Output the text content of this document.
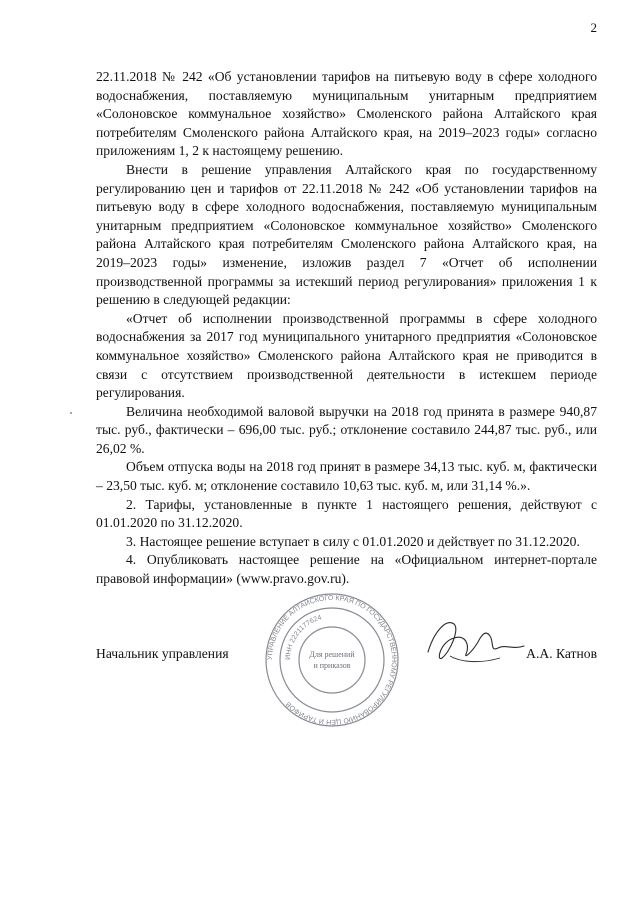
2

22.11.2018 № 242 «Об установлении тарифов на питьевую воду в сфере холодного водоснабжения, поставляемую муниципальным унитарным предприятием «Солоновское коммунальное хозяйство» Смоленского района Алтайского края потребителям Смоленского района Алтайского края, на 2019–2023 годы» согласно приложениям 1, 2 к настоящему решению.

Внести в решение управления Алтайского края по государственному регулированию цен и тарифов от 22.11.2018 № 242 «Об установлении тарифов на питьевую воду в сфере холодного водоснабжения, поставляемую муниципальным унитарным предприятием «Солоновское коммунальное хозяйство» Смоленского района Алтайского края потребителям Смоленского района Алтайского края, на 2019–2023 годы» изменение, изложив раздел 7 «Отчет об исполнении производственной программы за истекший период регулирования» приложения 1 к решению в следующей редакции:

«Отчет об исполнении производственной программы в сфере холодного водоснабжения за 2017 год муниципального унитарного предприятия «Солоновское коммунальное хозяйство» Смоленского района Алтайского края не приводится в связи с отсутствием производственной деятельности в истекшем периоде регулирования.

Величина необходимой валовой выручки на 2018 год принята в размере 940,87 тыс. руб., фактически – 696,00 тыс. руб.; отклонение составило 244,87 тыс. руб., или 26,02 %.

Объем отпуска воды на 2018 год принят в размере 34,13 тыс. куб. м, фактически – 23,50 тыс. куб. м; отклонение составило 10,63 тыс. куб. м, или 31,14 %.».

2. Тарифы, установленные в пункте 1 настоящего решения, действуют с 01.01.2020 по 31.12.2020.

3. Настоящее решение вступает в силу с 01.01.2020 и действует по 31.12.2020.

4. Опубликовать настоящее решение на «Официальном интернет-портале правовой информации» (www.pravo.gov.ru).

Начальник управления	А.А. Катнов
УПРАВЛЕНИЕ АЛТАЙСКОГО КРАЯ ПО ГОСУДАРСТВЕННОМУ РЕГУЛИРОВАНИЮ ЦЕН И ТАРИФОВ
ИНН 2221177624
Для решений
и приказов
